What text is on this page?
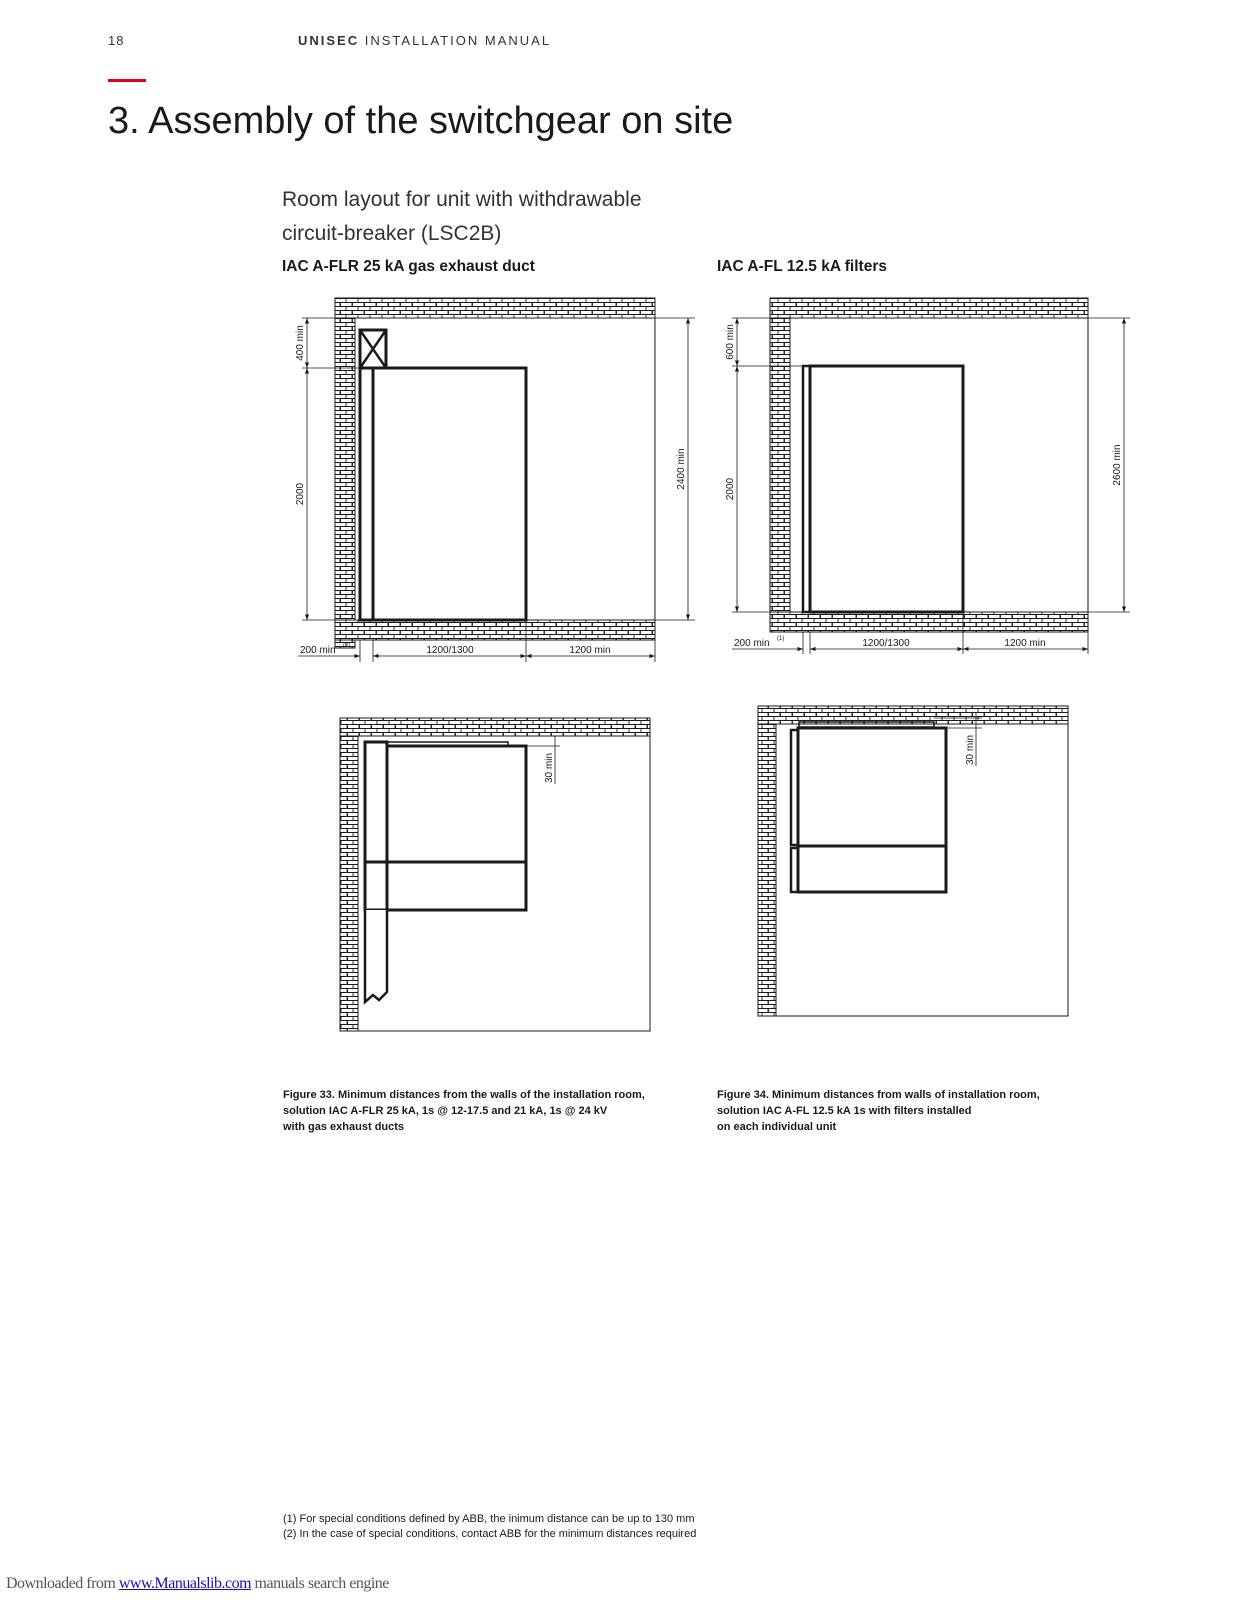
18	UNISEC INSTALLATION MANUAL
3. Assembly of the switchgear on site
Room layout for unit with withdrawable
circuit-breaker (LSC2B)
IAC A-FLR 25 kA gas exhaust duct	IAC A-FL 12.5 kA filters
400 min
2000
2400 min
200 min (2)	1200/1300	1200 min
600 min
2000
2600 min
200 min (1)	1200/1300	1200 min
30 min
30 min
Figure 33. Minimum distances from the walls of the installation room,
solution IAC A-FLR 25 kA, 1s @ 12-17.5 and 21 kA, 1s @ 24 kV
with gas exhaust ducts
Figure 34. Minimum distances from walls of installation room,
solution IAC A-FL 12.5 kA 1s with filters installed
on each individual unit
(1) For special conditions defined by ABB, the inimum distance can be up to 130 mm
(2) In the case of special conditions, contact ABB for the minimum distances required
Downloaded from www.Manualslib.com manuals search engine
